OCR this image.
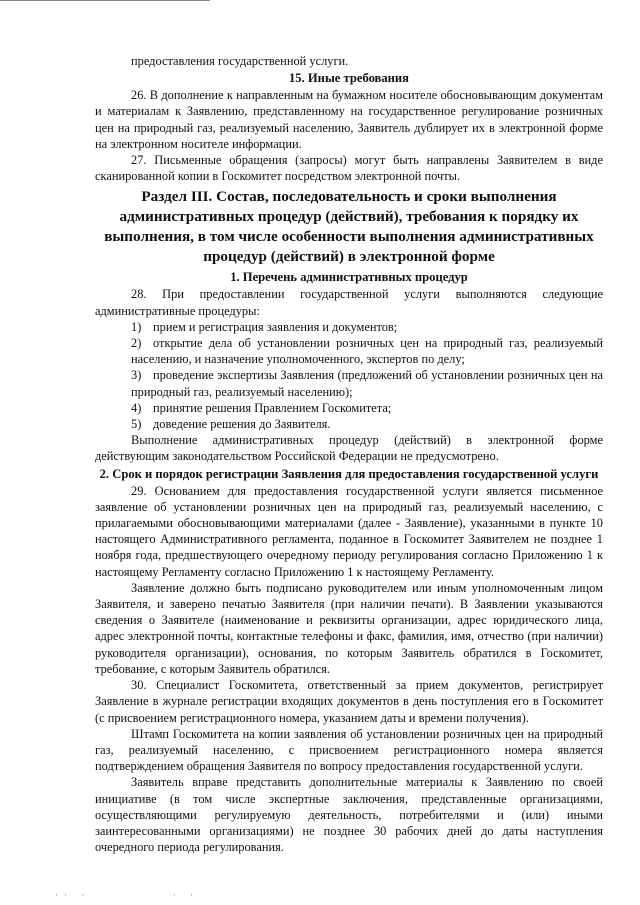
предоставления государственной услуги.

15. Иные требования

26. В дополнение к направленным на бумажном носителе обосновывающим документам и материалам к Заявлению, представленному на государственное регулирование розничных цен на природный газ, реализуемый населению, Заявитель дублирует их в электронной форме на электронном носителе информации.

27. Письменные обращения (запросы) могут быть направлены Заявителем в виде сканированной копии в Госкомитет посредством электронной почты.

Раздел III. Состав, последовательность и сроки выполнения административных процедур (действий), требования к порядку их выполнения, в том числе особенности выполнения административных процедур (действий) в электронной форме

1. Перечень административных процедур

28. При предоставлении государственной услуги выполняются следующие административные процедуры:

1) прием и регистрация заявления и документов;

2) открытие дела об установлении розничных цен на природный газ, реализуемый населению, и назначение уполномоченного, экспертов по делу;

3) проведение экспертизы Заявления (предложений об установлении розничных цен на природный газ, реализуемый населению);

4) принятие решения Правлением Госкомитета;

5) доведение решения до Заявителя.

Выполнение административных процедур (действий) в электронной форме действующим законодательством Российской Федерации не предусмотрено.

2. Срок и порядок регистрации Заявления для предоставления государственной услуги

29. Основанием для предоставления государственной услуги является письменное заявление об установлении розничных цен на природный газ, реализуемый населению, с прилагаемыми обосновывающими материалами (далее - Заявление), указанными в пункте 10 настоящего Административного регламента, поданное в Госкомитет Заявителем не позднее 1 ноября года, предшествующего очередному периоду регулирования согласно Приложению 1 к настоящему Регламенту согласно Приложению 1 к настоящему Регламенту.

Заявление должно быть подписано руководителем или иным уполномоченным лицом Заявителя, и заверено печатью Заявителя (при наличии печати). В Заявлении указываются сведения о Заявителе (наименование и реквизиты организации, адрес юридического лица, адрес электронной почты, контактные телефоны и факс, фамилия, имя, отчество (при наличии) руководителя организации), основания, по которым Заявитель обратился в Госкомитет, требование, с которым Заявитель обратился.

30. Специалист Госкомитета, ответственный за прием документов, регистрирует Заявление в журнале регистрации входящих документов в день поступления его в Госкомитет (с присвоением регистрационного номера, указанием даты и времени получения).

Штамп Госкомитета на копии заявления об установлении розничных цен на природный газ, реализуемый населению, с присвоением регистрационного номера является подтверждением обращения Заявителя по вопросу предоставления государственной услуги.

Заявитель вправе представить дополнительные материалы к Заявлению по своей инициативе (в том числе экспертные заключения, представленные организациями, осуществляющими регулируемую деятельность, потребителями и (или) иными заинтересованными организациями) не позднее 30 рабочих дней до даты наступления очередного периода регулирования.

·· ·          · ·
